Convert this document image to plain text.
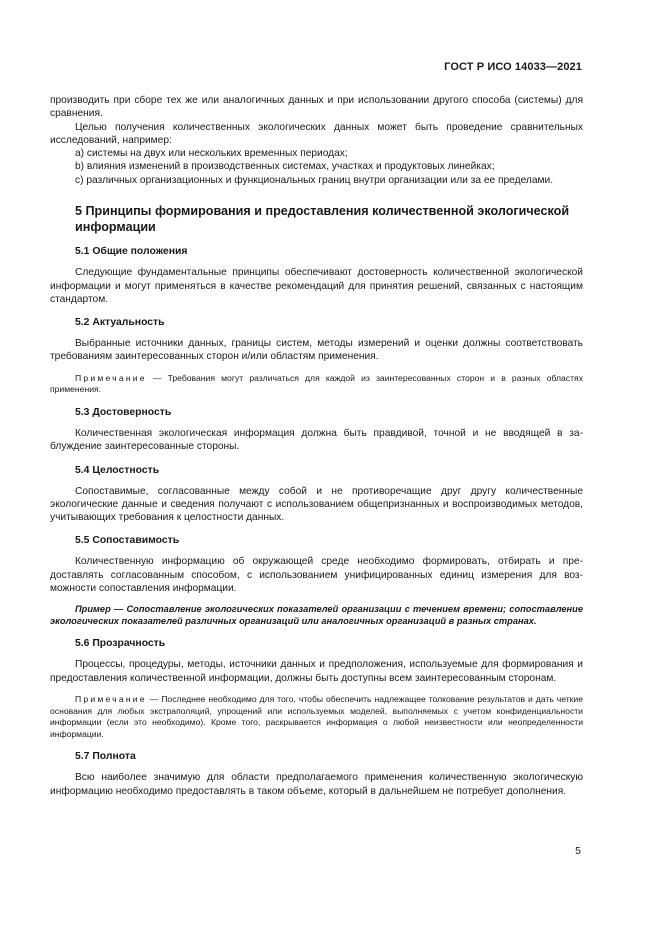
ГОСТ Р ИСО 14033—2021

производить при сборе тех же или аналогичных данных и при использовании другого способа (системы) для сравнения.

Целью получения количественных экологических данных может быть проведение сравнительных исследований, например:

a) системы на двух или нескольких временных периодах;

b) влияния изменений в производственных системах, участках и продуктовых линейках;

c) различных организационных и функциональных границ внутри организации или за ее пределами.

5 Принципы формирования и предоставления количественной экологической информации
5.1 Общие положения

Следующие фундаментальные принципы обеспечивают достоверность количественной экологической информации и могут применяться в качестве рекомендаций для принятия решений, связанных с настоящим стандартом.

5.2 Актуальность

Выбранные источники данных, границы систем, методы измерений и оценки должны соответствовать требованиям заинтересованных сторон и/или областям применения.

Примечание — Требования могут различаться для каждой из заинтересованных сторон и в разных областях применения.
5.3 Достоверность

Количественная экологическая информация должна быть правдивой, точной и не вводящей в заблуждение заинтересованные стороны.

5.4 Целостность

Сопоставимые, согласованные между собой и не противоречащие друг другу количественные экологические данные и сведения получают с использованием общепризнанных и воспроизводимых методов, учитывающих требования к целостности данных.

5.5 Сопоставимость

Количественную информацию об окружающей среде необходимо формировать, отбирать и предоставлять согласованным способом, с использованием унифицированных единиц измерения для возможности сопоставления информации.

Пример — Сопоставление экологических показателей организации с течением времени; сопоставление экологических показателей различных организаций или аналогичных организаций в разных странах.
5.6 Прозрачность

Процессы, процедуры, методы, источники данных и предположения, используемые для формирования и предоставления количественной информации, должны быть доступны всем заинтересованным сторонам.

Примечание — Последнее необходимо для того, чтобы обеспечить надлежащее толкование результатов и дать четкие основания для любых экстраполяций, упрощений или используемых моделей, выполняемых с учетом конфиденциальности информации (если это необходимо). Кроме того, раскрывается информация о любой неизвестности или неопределенности информации.
5.7 Полнота

Всю наиболее значимую для области предполагаемого применения количественную экологическую информацию необходимо предоставлять в таком объеме, который в дальнейшем не потребует дополнения.

5
